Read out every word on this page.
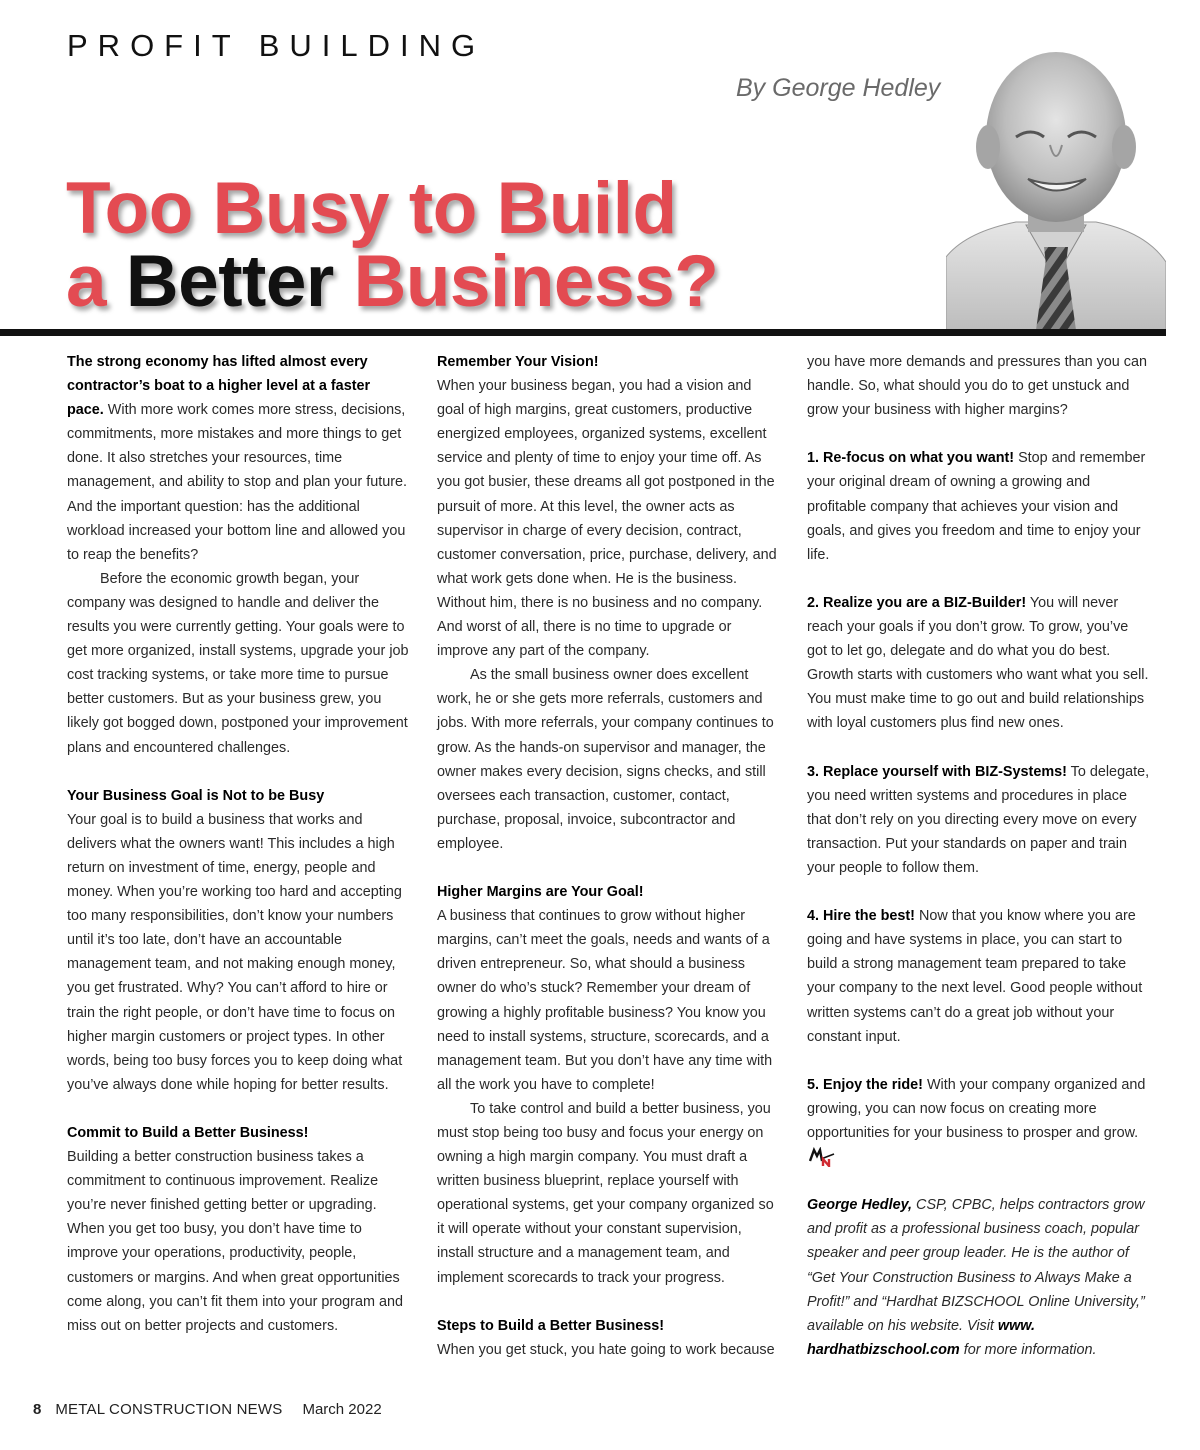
PROFIT BUILDING
By George Hedley
Too Busy to Build
a Better Business?

The strong economy has lifted almost every contractor’s boat to a higher level at a faster pace. With more work comes more stress, decisions, commitments, more mistakes and more things to get done. It also stretches your resources, time management, and ability to stop and plan your future. And the important question: has the additional workload increased your bottom line and allowed you to reap the benefits?

Before the economic growth began, your company was designed to handle and deliver the results you were currently getting. Your goals were to get more organized, install systems, upgrade your job cost tracking systems, or take more time to pursue better customers. But as your business grew, you likely got bogged down, postponed your improvement plans and encountered challenges.

Your Business Goal is Not to be Busy

Your goal is to build a business that works and delivers what the owners want! This includes a high return on investment of time, energy, people and money. When you’re working too hard and accepting too many responsibilities, don’t know your numbers until it’s too late, don’t have an accountable management team, and not making enough money, you get frustrated. Why? You can’t afford to hire or train the right people, or don’t have time to focus on higher margin customers or project types. In other words, being too busy forces you to keep doing what you’ve always done while hoping for better results.

Commit to Build a Better Business!

Building a better construction business takes a commitment to continuous improvement. Realize you’re never finished getting better or upgrading. When you get too busy, you don’t have time to improve your operations, productivity, people, customers or margins. And when great opportunities come along, you can’t fit them into your program and miss out on better projects and customers.

Remember Your Vision!

When your business began, you had a vision and goal of high margins, great customers, productive energized employees, organized systems, excellent service and plenty of time to enjoy your time off. As you got busier, these dreams all got postponed in the pursuit of more. At this level, the owner acts as supervisor in charge of every decision, contract, customer conversation, price, purchase, delivery, and what work gets done when. He is the business. Without him, there is no business and no company. And worst of all, there is no time to upgrade or improve any part of the company.

As the small business owner does excellent work, he or she gets more referrals, customers and jobs. With more referrals, your company continues to grow. As the hands-on supervisor and manager, the owner makes every decision, signs checks, and still oversees each transaction, customer, contact, purchase, proposal, invoice, subcontractor and employee.

Higher Margins are Your Goal!

A business that continues to grow without higher margins, can’t meet the goals, needs and wants of a driven entrepreneur. So, what should a business owner do who’s stuck? Remember your dream of growing a highly profitable business? You know you need to install systems, structure, scorecards, and a management team. But you don’t have any time with all the work you have to complete!

To take control and build a better business, you must stop being too busy and focus your energy on owning a high margin company. You must draft a written business blueprint, replace yourself with operational systems, get your company organized so it will operate without your constant supervision, install structure and a management team, and implement scorecards to track your progress.

Steps to Build a Better Business!

When you get stuck, you hate going to work because

you have more demands and pressures than you can handle. So, what should you do to get unstuck and grow your business with higher margins?

1. Re-focus on what you want! Stop and remember your original dream of owning a growing and profitable company that achieves your vision and goals, and gives you freedom and time to enjoy your life.

2. Realize you are a BIZ-Builder! You will never reach your goals if you don’t grow. To grow, you’ve got to let go, delegate and do what you do best. Growth starts with customers who want what you sell. You must make time to go out and build relationships with loyal customers plus find new ones.

3. Replace yourself with BIZ-Systems! To delegate, you need written systems and procedures in place that don’t rely on you directing every move on every transaction. Put your standards on paper and train your people to follow them.

4. Hire the best! Now that you know where you are going and have systems in place, you can start to build a strong management team prepared to take your company to the next level. Good people without written systems can’t do a great job without your constant input.

5. Enjoy the ride! With your company organized and growing, you can now focus on creating more opportunities for your business to prosper and grow.

George Hedley, CSP, CPBC, helps contractors grow and profit as a professional business coach, popular speaker and peer group leader. He is the author of “Get Your Construction Business to Always Make a Profit!” and “Hardhat BIZSCHOOL Online University,” available on his website. Visit www. hardhatbizschool.com for more information.

8 METAL CONSTRUCTION NEWS March 2022
